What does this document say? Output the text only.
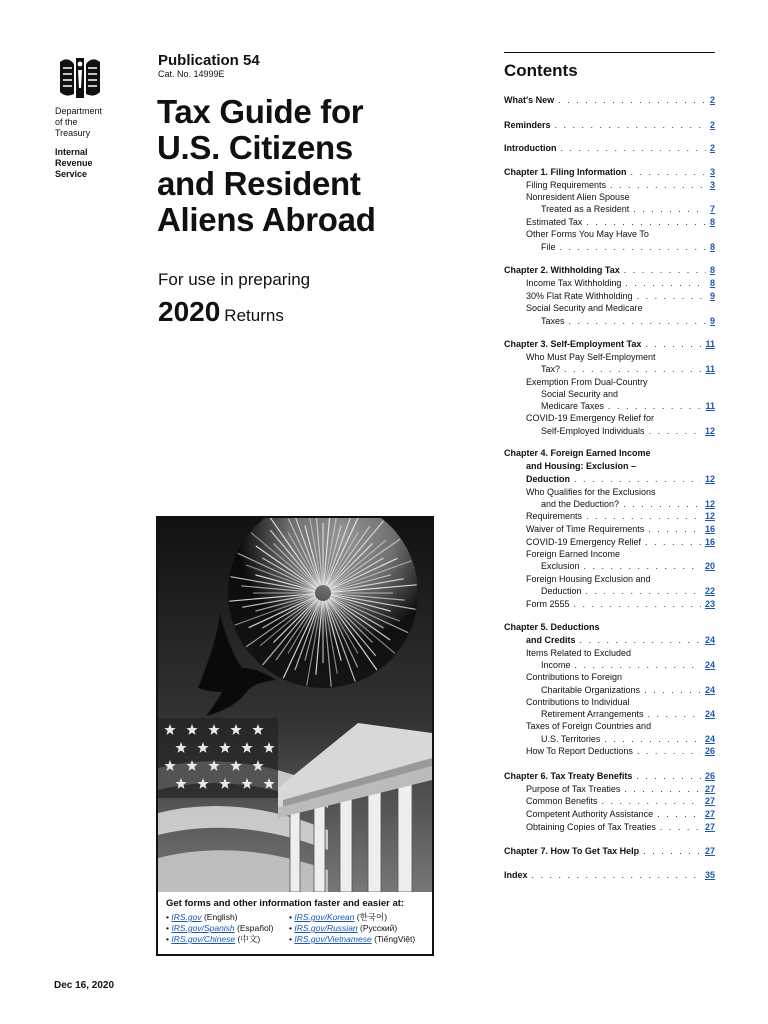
Department
of the
Treasury
Internal
Revenue
Service
Publication 54
Cat. No. 14999E
Tax Guide for
U.S. Citizens
and Resident
Aliens Abroad
For use in preparing
2020 Returns
Get forms and other information faster and easier at:
• IRS.gov (English)
• IRS.gov/Spanish (Español)
• IRS.gov/Chinese (中文)
• IRS.gov/Korean (한국어)
• IRS.gov/Russian (Русский)
• IRS.gov/Vietnamese (TiếngViệt)
Dec 16, 2020
Contents
What's New . . .	2
Reminders . . .	2
Introduction . . .	2
Chapter 1. Filing Information . . .	3
Filing Requirements . . .	3
Nonresident Alien Spouse
Treated as a Resident . . .	7
Estimated Tax . . .	8
Other Forms You May Have To
File . . .	8
Chapter 2. Withholding Tax . . .	8
Income Tax Withholding . . .	8
30% Flat Rate Withholding . . .	9
Social Security and Medicare
Taxes . . .	9
Chapter 3. Self-Employment Tax . . .	11
Who Must Pay Self-Employment
Tax? . . .	11
Exemption From Dual-Country
Social Security and
Medicare Taxes . . .	11
COVID-19 Emergency Relief for
Self-Employed Individuals . . .	12
Chapter 4. Foreign Earned Income
and Housing: Exclusion –
Deduction . . .	12
Who Qualifies for the Exclusions
and the Deduction? . . .	12
Requirements . . .	12
Waiver of Time Requirements . . .	16
COVID-19 Emergency Relief . . .	16
Foreign Earned Income
Exclusion . . .	20
Foreign Housing Exclusion and
Deduction . . .	22
Form 2555 . . .	23
Chapter 5. Deductions
and Credits . . .	24
Items Related to Excluded
Income . . .	24
Contributions to Foreign
Charitable Organizations . . .	24
Contributions to Individual
Retirement Arrangements . . .	24
Taxes of Foreign Countries and
U.S. Territories . . .	24
How To Report Deductions . . .	26
Chapter 6. Tax Treaty Benefits . . .	26
Purpose of Tax Treaties . . .	27
Common Benefits . . .	27
Competent Authority Assistance . . .	27
Obtaining Copies of Tax Treaties . . .	27
Chapter 7. How To Get Tax Help . . .	27
Index . . .	35
